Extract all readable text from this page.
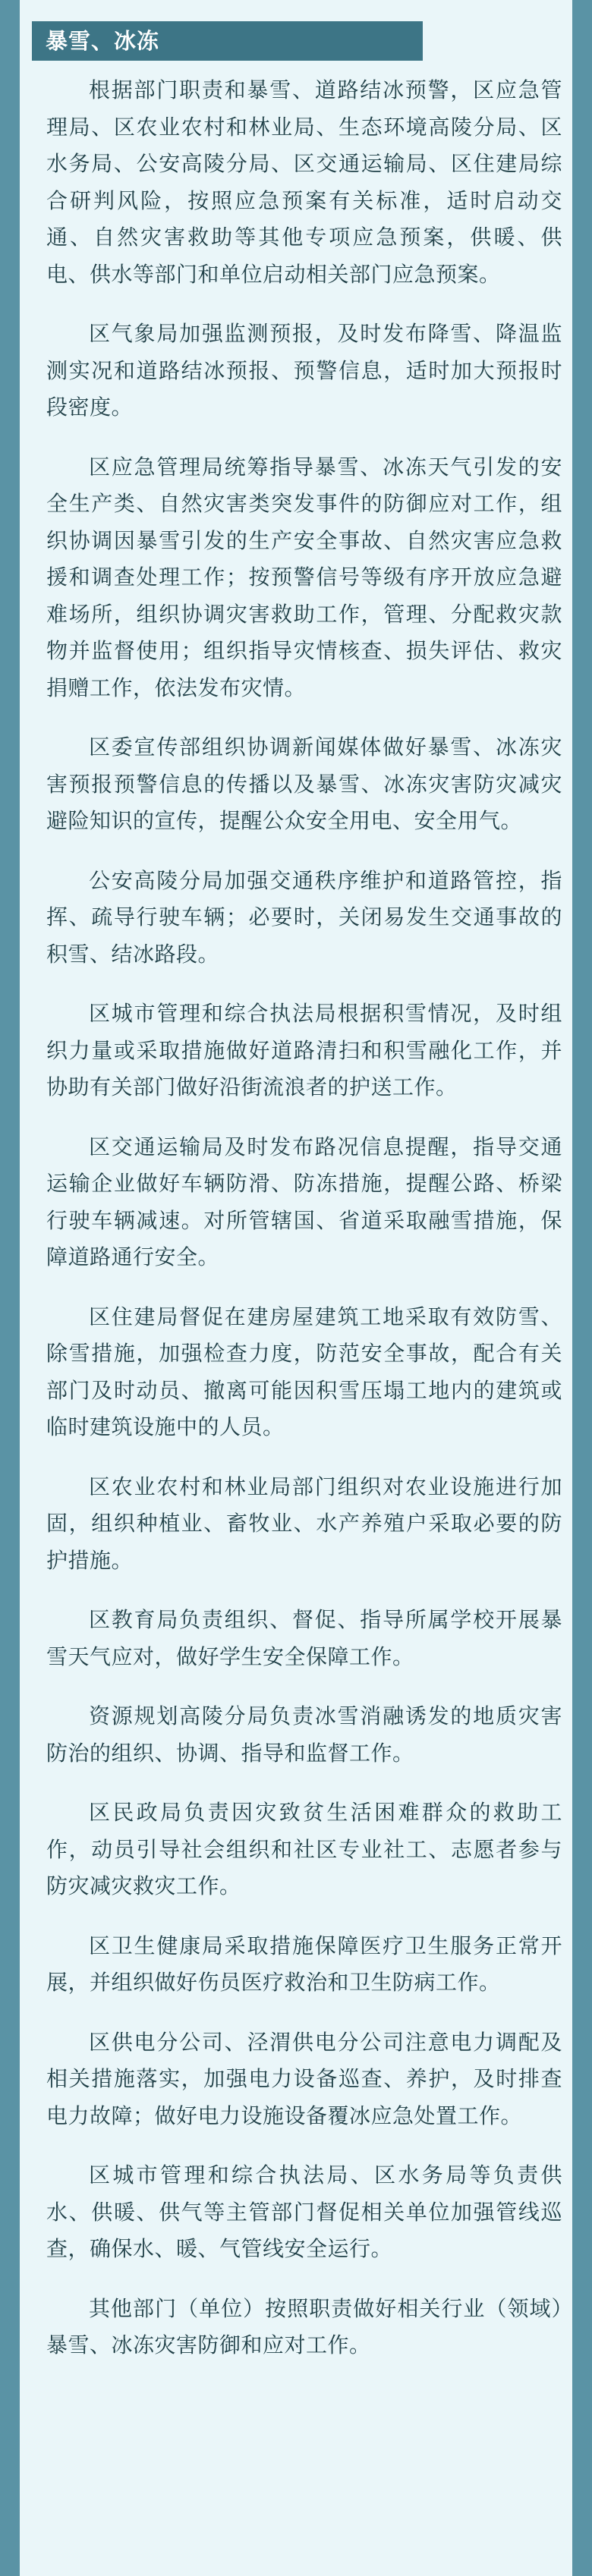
暴雪、冰冻

根据部门职责和暴雪、道路结冰预警，区应急管理局、区农业农村和林业局、生态环境高陵分局、区水务局、公安高陵分局、区交通运输局、区住建局综合研判风险，按照应急预案有关标准，适时启动交通、自然灾害救助等其他专项应急预案，供暖、供电、供水等部门和单位启动相关部门应急预案。

区气象局加强监测预报，及时发布降雪、降温监测实况和道路结冰预报、预警信息，适时加大预报时段密度。

区应急管理局统筹指导暴雪、冰冻天气引发的安全生产类、自然灾害类突发事件的防御应对工作，组织协调因暴雪引发的生产安全事故、自然灾害应急救援和调查处理工作；按预警信号等级有序开放应急避难场所，组织协调灾害救助工作，管理、分配救灾款物并监督使用；组织指导灾情核查、损失评估、救灾捐赠工作，依法发布灾情。

区委宣传部组织协调新闻媒体做好暴雪、冰冻灾害预报预警信息的传播以及暴雪、冰冻灾害防灾减灾避险知识的宣传，提醒公众安全用电、安全用气。

公安高陵分局加强交通秩序维护和道路管控，指挥、疏导行驶车辆；必要时，关闭易发生交通事故的积雪、结冰路段。

区城市管理和综合执法局根据积雪情况，及时组织力量或采取措施做好道路清扫和积雪融化工作，并协助有关部门做好沿街流浪者的护送工作。

区交通运输局及时发布路况信息提醒，指导交通运输企业做好车辆防滑、防冻措施，提醒公路、桥梁行驶车辆减速。对所管辖国、省道采取融雪措施，保障道路通行安全。

区住建局督促在建房屋建筑工地采取有效防雪、除雪措施，加强检查力度，防范安全事故，配合有关部门及时动员、撤离可能因积雪压塌工地内的建筑或临时建筑设施中的人员。

区农业农村和林业局部门组织对农业设施进行加固，组织种植业、畜牧业、水产养殖户采取必要的防护措施。

区教育局负责组织、督促、指导所属学校开展暴雪天气应对，做好学生安全保障工作。

资源规划高陵分局负责冰雪消融诱发的地质灾害防治的组织、协调、指导和监督工作。

区民政局负责因灾致贫生活困难群众的救助工作，动员引导社会组织和社区专业社工、志愿者参与防灾减灾救灾工作。

区卫生健康局采取措施保障医疗卫生服务正常开展，并组织做好伤员医疗救治和卫生防病工作。

区供电分公司、泾渭供电分公司注意电力调配及相关措施落实，加强电力设备巡查、养护，及时排查电力故障；做好电力设施设备覆冰应急处置工作。

区城市管理和综合执法局、区水务局等负责供水、供暖、供气等主管部门督促相关单位加强管线巡查，确保水、暖、气管线安全运行。

其他部门（单位）按照职责做好相关行业（领域）暴雪、冰冻灾害防御和应对工作。
